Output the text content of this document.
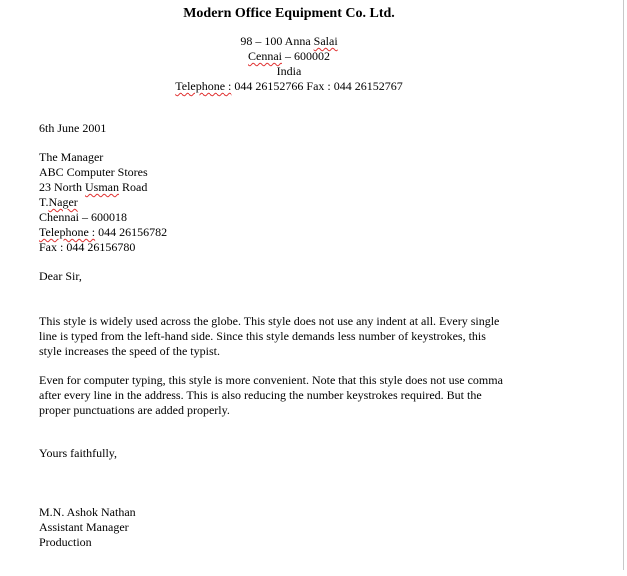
Modern Office Equipment Co. Ltd.
98 – 100 Anna Salai
Cennai – 600002
India
Telephone : 044 26152766 Fax : 044 26152767
6th June 2001
The Manager
ABC Computer Stores
23 North Usman Road
T.Nager
Chennai – 600018
Telephone : 044 26156782
Fax : 044 26156780
Dear Sir,
This style is widely used across the globe. This style does not use any indent at all. Every single
line is typed from the left-hand side. Since this style demands less number of keystrokes, this
style increases the speed of the typist.
Even for computer typing, this style is more convenient. Note that this style does not use comma
after every line in the address. This is also reducing the number keystrokes required. But the
proper punctuations are added properly.
Yours faithfully,
M.N. Ashok Nathan
Assistant Manager
Production
